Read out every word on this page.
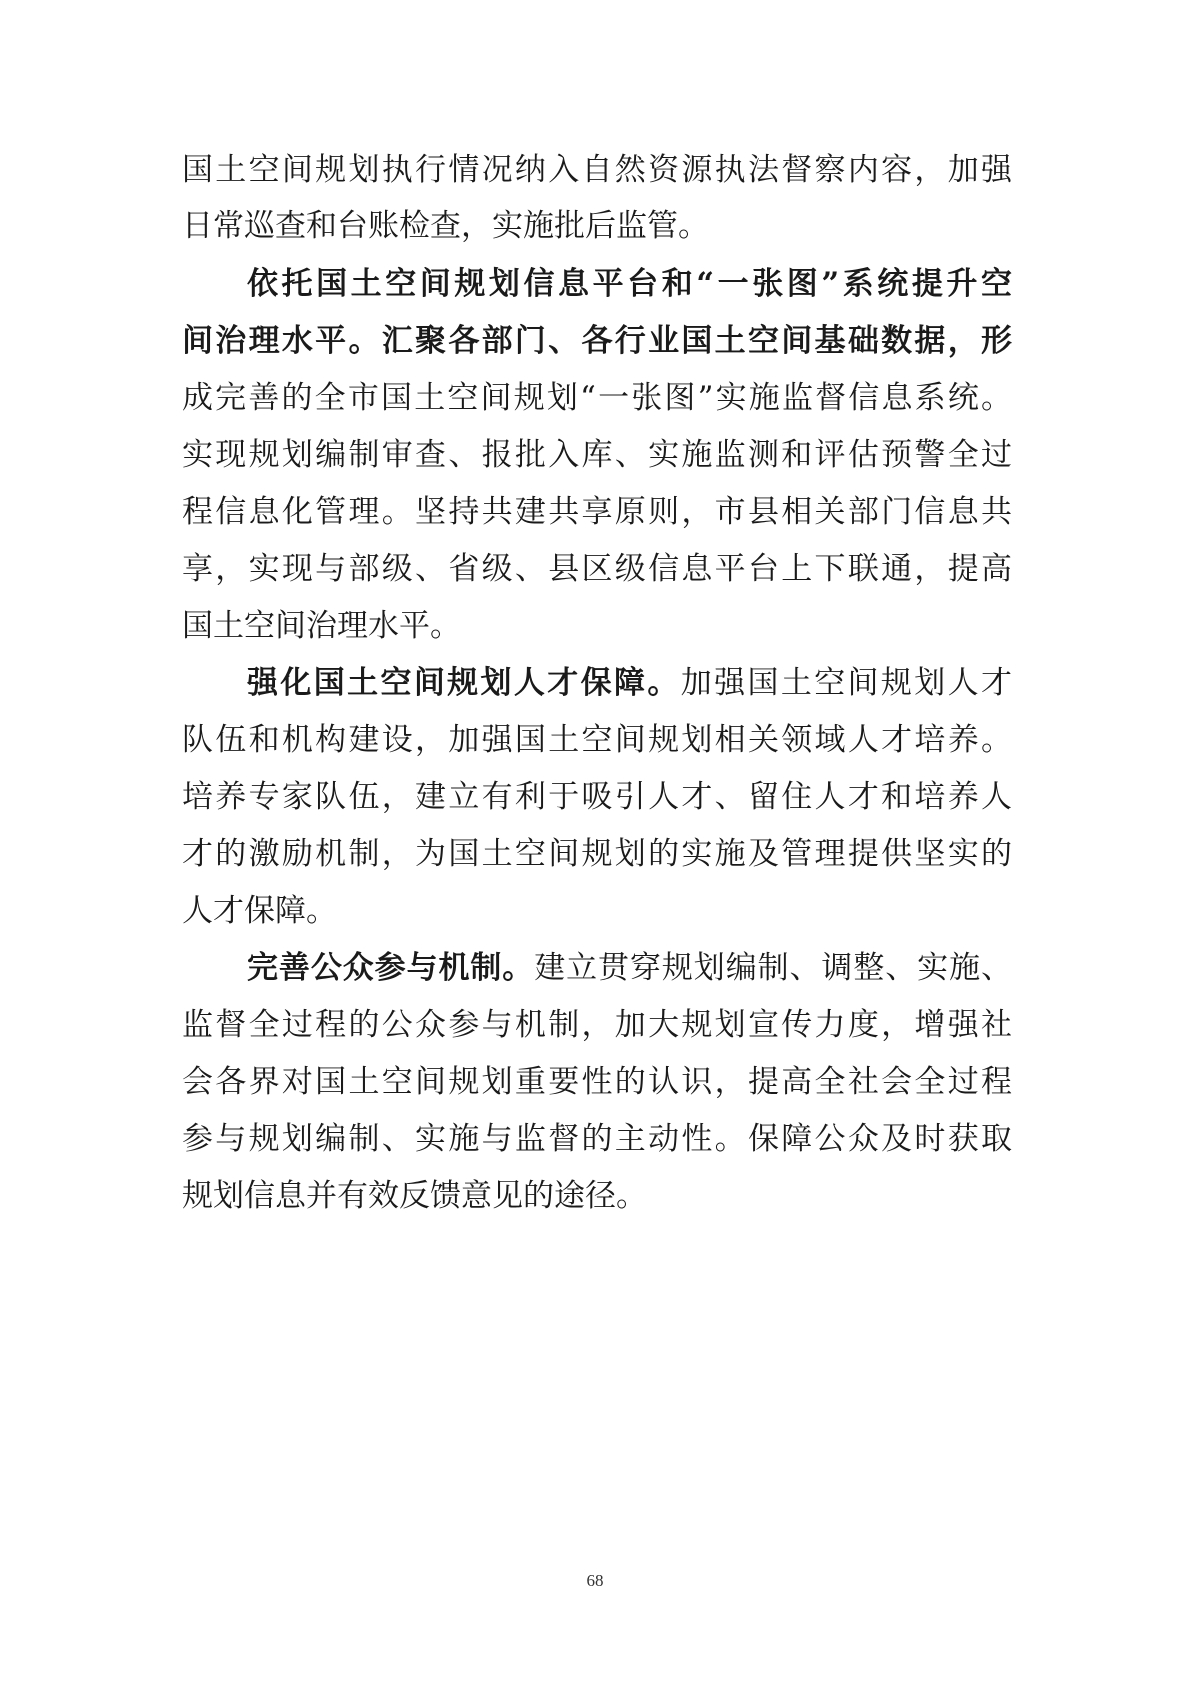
国土空间规划执行情况纳入自然资源执法督察内容，加强
日常巡查和台账检查，实施批后监管。
依托国土空间规划信息平台和“一张图”系统提升空
间治理水平。汇聚各部门、各行业国土空间基础数据，形
成完善的全市国土空间规划“一张图”实施监督信息系统。
实现规划编制审查、报批入库、实施监测和评估预警全过
程信息化管理。坚持共建共享原则，市县相关部门信息共
享，实现与部级、省级、县区级信息平台上下联通，提高
国土空间治理水平。
强化国土空间规划人才保障。加强国土空间规划人才
队伍和机构建设，加强国土空间规划相关领域人才培养。
培养专家队伍，建立有利于吸引人才、留住人才和培养人
才的激励机制，为国土空间规划的实施及管理提供坚实的
人才保障。
完善公众参与机制。建立贯穿规划编制、调整、实施、
监督全过程的公众参与机制，加大规划宣传力度，增强社
会各界对国土空间规划重要性的认识，提高全社会全过程
参与规划编制、实施与监督的主动性。保障公众及时获取
规划信息并有效反馈意见的途径。
68
